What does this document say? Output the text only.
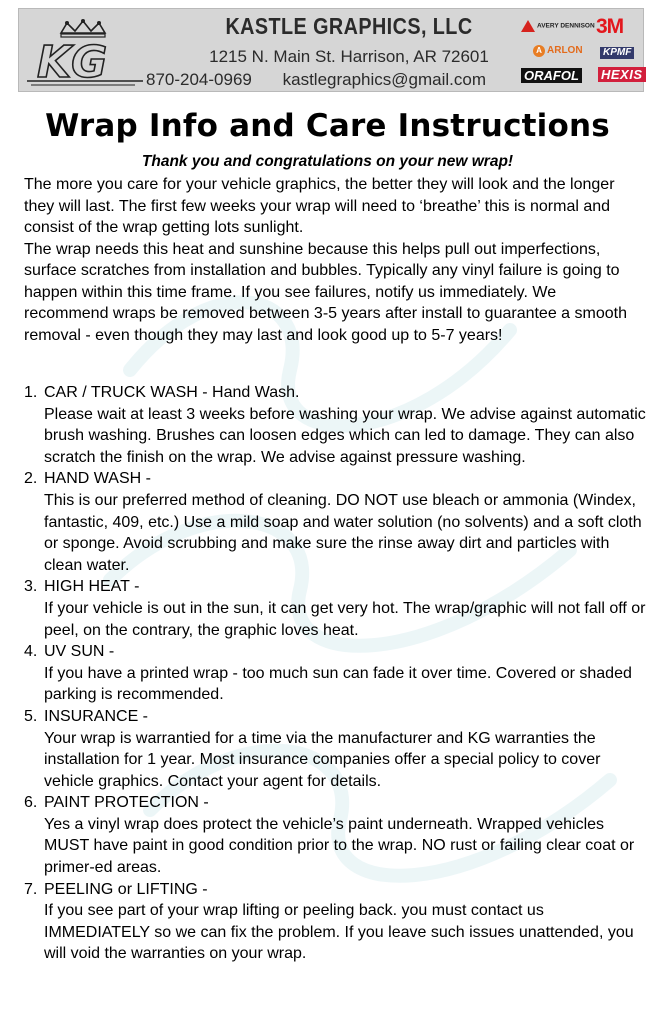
KG
KASTLE GRAPHICS, LLC
1215 N. Main St. Harrison, AR 72601
870-204-0969 kastlegraphics@gmail.com
AVERY DENNISON 3M
A ARLON	KPMF
ORAFOL HEXIS
Wrap Info and Care Instructions
Thank you and congratulations on your new wrap!

The more you care for your vehicle graphics, the better they will look and the longer they will last. The first few weeks your wrap will need to ‘breathe’ this is normal and consist of the wrap getting lots sunlight.

The wrap needs this heat and sunshine because this helps pull out imperfections, surface scratches from installation and bubbles. Typically any vinyl failure is going to happen within this time frame. If you see failures, notify us immediately. We recommend wraps be removed between 3-5 years after install to guarantee a smooth removal - even though they may last and look good up to 5-7 years!

1. CAR / TRUCK WASH - Hand Wash.
Please wait at least 3 weeks before washing your wrap. We advise against automatic brush washing. Brushes can loosen edges which can led to damage. They can also scratch the finish on the wrap. We advise against pressure washing.
2. HAND WASH -
This is our preferred method of cleaning. DO NOT use bleach or ammonia (Windex, fantastic, 409, etc.) Use a mild soap and water solution (no solvents) and a soft cloth or sponge. Avoid scrubbing and make sure the rinse away dirt and particles with clean water.
3. HIGH HEAT -
If your vehicle is out in the sun, it can get very hot. The wrap/graphic will not fall off or peel, on the contrary, the graphic loves heat.
4. UV SUN -
If you have a printed wrap - too much sun can fade it over time. Covered or shaded parking is recommended.
5. INSURANCE -
Your wrap is warrantied for a time via the manufacturer and KG warranties the installation for 1 year. Most insurance companies offer a special policy to cover vehicle graphics. Contact your agent for details.
6. PAINT PROTECTION -
Yes a vinyl wrap does protect the vehicle’s paint underneath. Wrapped vehicles MUST have paint in good condition prior to the wrap. NO rust or failing clear coat or primer-ed areas.
7. PEELING or LIFTING -
If you see part of your wrap lifting or peeling back. you must contact us IMMEDIATELY so we can fix the problem. If you leave such issues unattended, you will void the warranties on your wrap.
